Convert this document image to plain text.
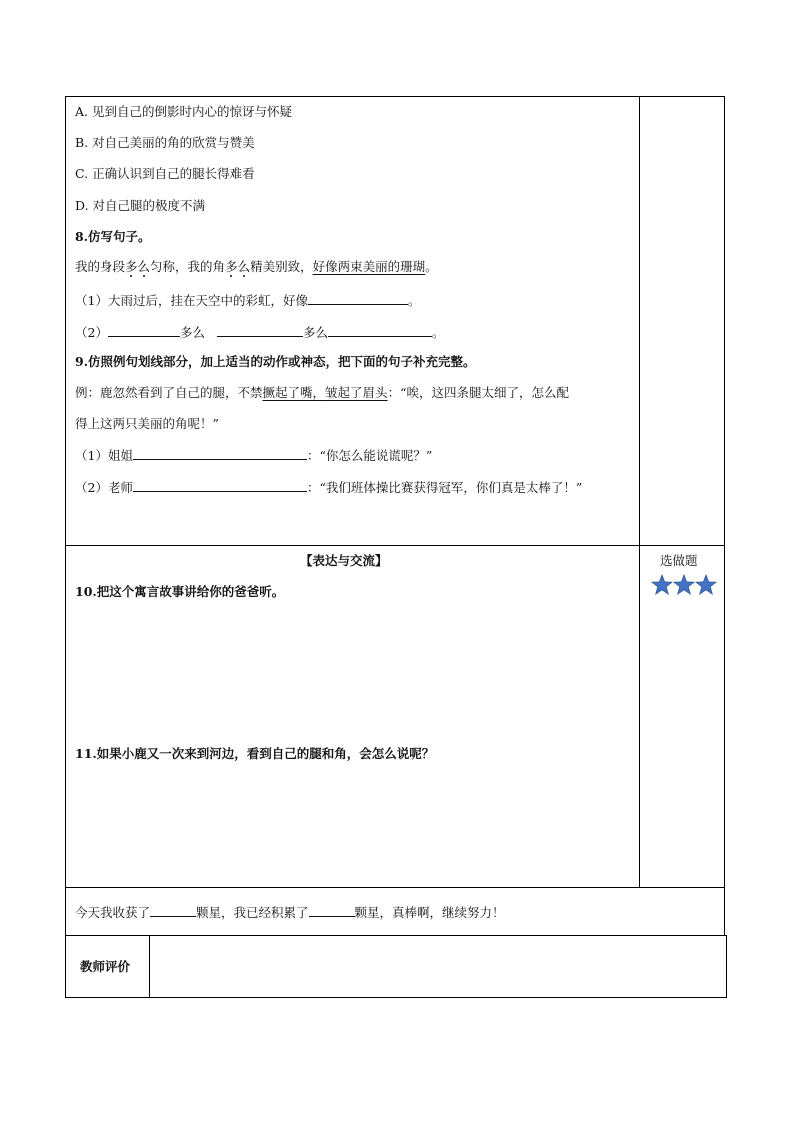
A. 见到自己的倒影时内心的惊讶与怀疑
B. 对自己美丽的角的欣赏与赞美
C. 正确认识到自己的腿长得难看
D. 对自己腿的极度不满
8.仿写句子。
我的身段多么匀称，我的角多么精美别致，好像两束美丽的珊瑚。
（1）大雨过后，挂在天空中的彩虹，好像	。
（2）	多么	多么	。
9.仿照例句划线部分，加上适当的动作或神态，把下面的句子补充完整。
例：鹿忽然看到了自己的腿，不禁撅起了嘴，皱起了眉头：“唉，这四条腿太细了，怎么配
得上这两只美丽的角呢！”
（1）姐姐	：“你怎么能说谎呢？”
（2）老师	：“我们班体操比赛获得冠军，你们真是太棒了！”
【表达与交流】	选做题
10.把这个寓言故事讲给你的爸爸听。
11.如果小鹿又一次来到河边，看到自己的腿和角，会怎么说呢？
今天我收获了	颗星，我已经积累了	颗星，真棒啊，继续努力！
教师评价
